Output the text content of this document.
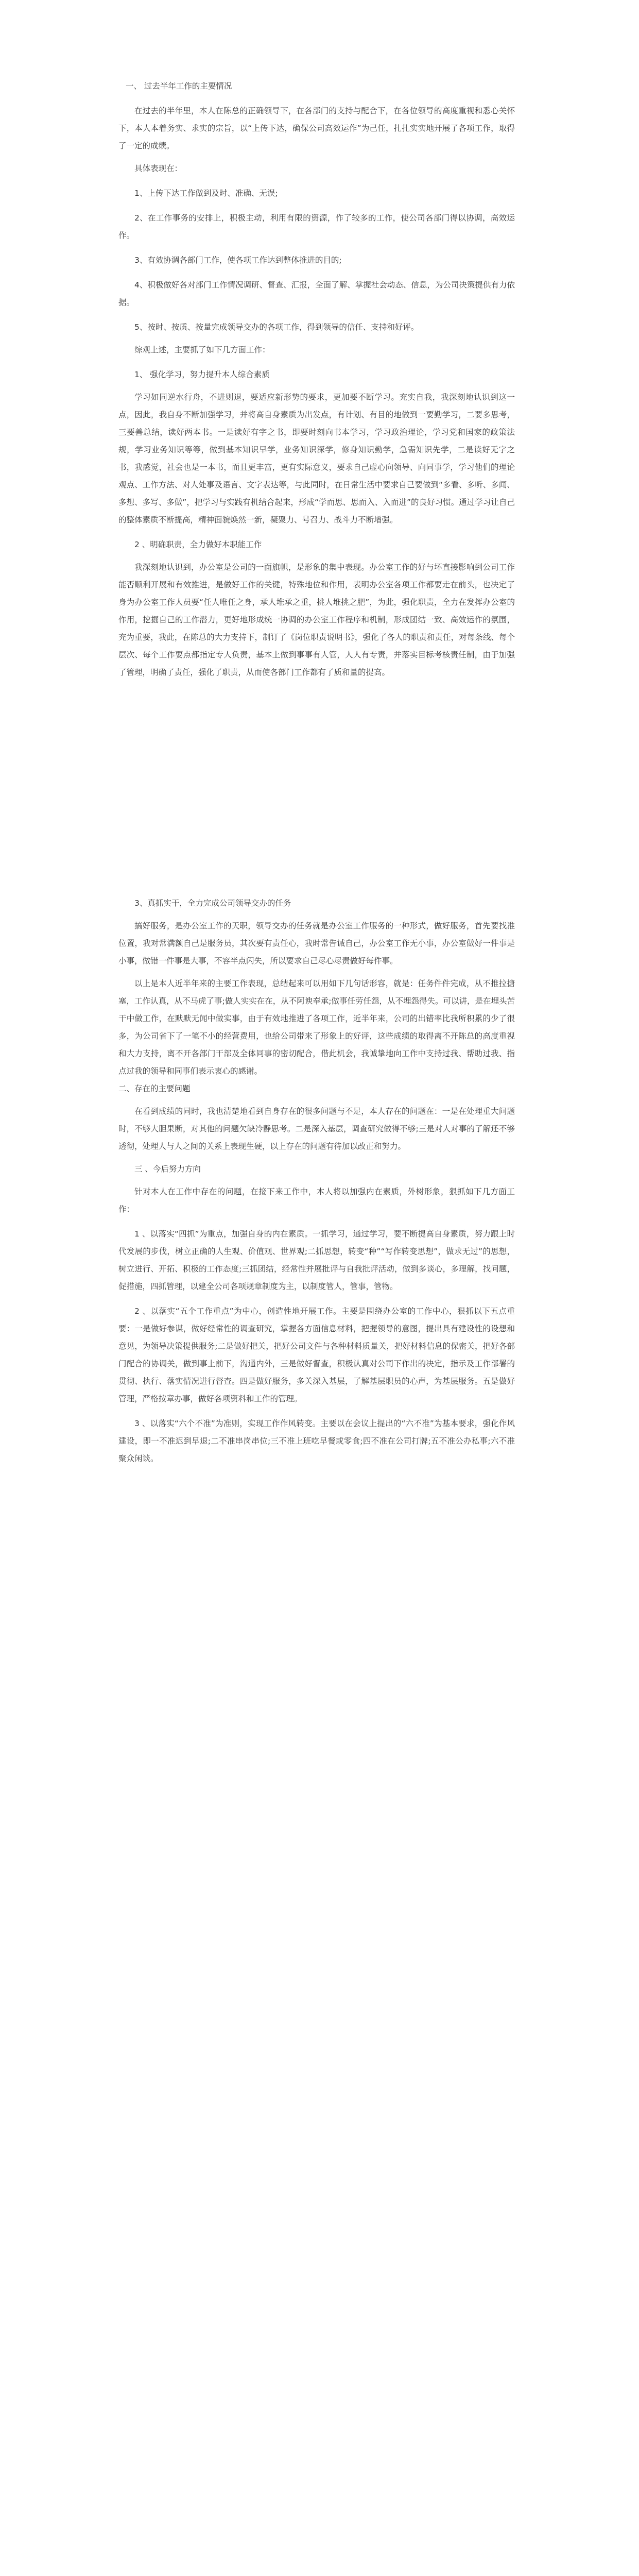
一、 过去半年工作的主要情况

在过去的半年里，本人在陈总的正确领导下，在各部门的支持与配合下，在各位领导的高度重视和悉心关怀下，本人本着务实、求实的宗旨，以“上传下达，确保公司高效运作”为己任，扎扎实实地开展了各项工作，取得了一定的成绩。

具体表现在：

1、上传下达工作做到及时、准确、无误;

2、在工作事务的安排上，积极主动，利用有限的资源，作了较多的工作，使公司各部门得以协调，高效运作。

3、有效协调各部门工作，使各项工作达到整体推进的目的;

4、积极做好各对部门工作情况调研、督查、汇报，全面了解、掌握社会动态、信息，为公司决策提供有力依据。

5、按时、按质、按量完成领导交办的各项工作，得到领导的信任、支持和好评。

综观上述，主要抓了如下几方面工作：

1、 强化学习，努力提升本人综合素质

学习如同逆水行舟，不进则退，要适应新形势的要求，更加要不断学习。充实自我，我深刻地认识到这一点，因此，我自身不断加强学习，并将高自身素质为出发点，有计划、有目的地做到一要勤学习，二要多思考，三要善总结，读好两本书。一是读好有字之书，即要时刻向书本学习，学习政治理论，学习党和国家的政策法规，学习业务知识等等，做到基本知识早学，业务知识深学，修身知识勤学，急需知识先学，二是读好无字之书，我感觉，社会也是一本书，而且更丰富，更有实际意义，要求自己虚心向领导、向同事学，学习他们的理论观点、工作方法、对人处事及语言、文字表达等，与此同时，在日常生活中要求自己要做到“多看、多听、多闻、多想、多写、多做”，把学习与实践有机结合起来，形成“学而思、思而入、入而进”的良好习惯。通过学习让自己的整体素质不断提高，精神面貌焕然一新，凝聚力、号召力、战斗力不断增强。

2 、明确职责，全力做好本职能工作

我深刻地认识到，办公室是公司的一面旗帜，是形象的集中表现。办公室工作的好与坏直接影响到公司工作能否顺利开展和有效推进，是做好工作的关键，特殊地位和作用，表明办公室各项工作都要走在前头，也决定了身为办公室工作人员要“任人唯任之身，承人堆承之重，挑人堆挑之肥”，为此，强化职责，全力在发挥办公室的作用，挖掘自己的工作潜力，更好地形成统一协调的办公室工作程序和机制，形成团结一致、高效运作的氛围，充为重要，我此，在陈总的大力支持下，制订了《岗位职责说明书》，强化了各人的职责和责任，对每条线、每个层次、每个工作要点都指定专人负责，基本上做到事事有人管，人人有专责，并落实目标考核责任制，由于加强了管理，明确了责任，强化了职责，从而使各部门工作都有了质和量的提高。

3、真抓实干，全力完成公司领导交办的任务

搞好服务，是办公室工作的天职，领导交办的任务就是办公室工作服务的一种形式，做好服务，首先要找准位置，我对常满额自己是服务员，其次要有责任心，我时常告诫自己，办公室工作无小事，办公室做好一件事是小事，做错一件事是大事，不容半点闪失，所以要求自己尽心尽责做好每件事。

以上是本人近半年来的主要工作表现，总结起来可以用如下几句话形容，就是：任务件件完成，从不推拉搪塞，工作认真，从不马虎了事;做人实实在在，从不阿谀奉承;做事任劳任怨，从不埋怨得失。可以讲，是在埋头苦干中做工作，在默默无闻中做实事，由于有效地推进了各项工作，近半年来，公司的出错率比我所积累的少了很多，为公司省下了一笔不小的经营费用，也给公司带来了形象上的好评，这些成绩的取得离不开陈总的高度重视和大力支持，离不开各部门干部及全体同事的密切配合，借此机会，我诚挚地向工作中支持过我、帮助过我、指点过我的领导和同事们表示衷心的感谢。

二、存在的主要问题

在看到成绩的同时，我也清楚地看到自身存在的很多问题与不足，本人存在的问题在：一是在处理重大问题时，不够大胆果断，对其他的问题欠缺冷静思考。二是深入基层，调查研究做得不够;三是对人对事的了解还不够透彻，处理人与人之间的关系上表现生硬，以上存在的问题有待加以改正和努力。

三 、今后努力方向

针对本人在工作中存在的问题，在接下来工作中，本人将以加强内在素质，外树形象，狠抓如下几方面工作：

1 、以落实“四抓”为重点，加强自身的内在素质。一抓学习，通过学习，要不断提高自身素质，努力跟上时代发展的步伐，树立正确的人生观、价值观、世界观;二抓思想，转变“种”“写作转变思想”，做求无过”的思想，树立进行、开拓、积极的工作态度;三抓团结，经常性并展批评与自我批评活动，做到多谈心，多理解，找问题，促措施，四抓管理，以建全公司各项规章制度为主，以制度管人，管事，管物。

2 、以落实“五个工作重点”为中心，创造性地开展工作。主要是围绕办公室的工作中心，狠抓以下五点重要：一是做好参谋，做好经常性的调查研究，掌握各方面信息材料，把握领导的意图，提出具有建设性的设想和意见，为领导决策提供服务;二是做好把关，把好公司文件与各种材料质量关，把好材料信息的保密关，把好各部门配合的协调关，做到事上前下，沟通内外，三是做好督查，积极认真对公司下作出的决定，指示及工作部署的贯彻、执行、落实情况进行督查。四是做好服务，多关深入基层，了解基层职员的心声，为基层服务。五是做好管理，严格按章办事，做好各项资料和工作的管理。

3 、以落实“六个不准”为准则，实现工作作风转变。主要以在会议上提出的“六不准”为基本要求，强化作风建设，即一不准迟到早退;二不准串岗串位;三不准上班吃早餐或零食;四不准在公司打牌;五不准公办私事;六不准聚众闲谈。
